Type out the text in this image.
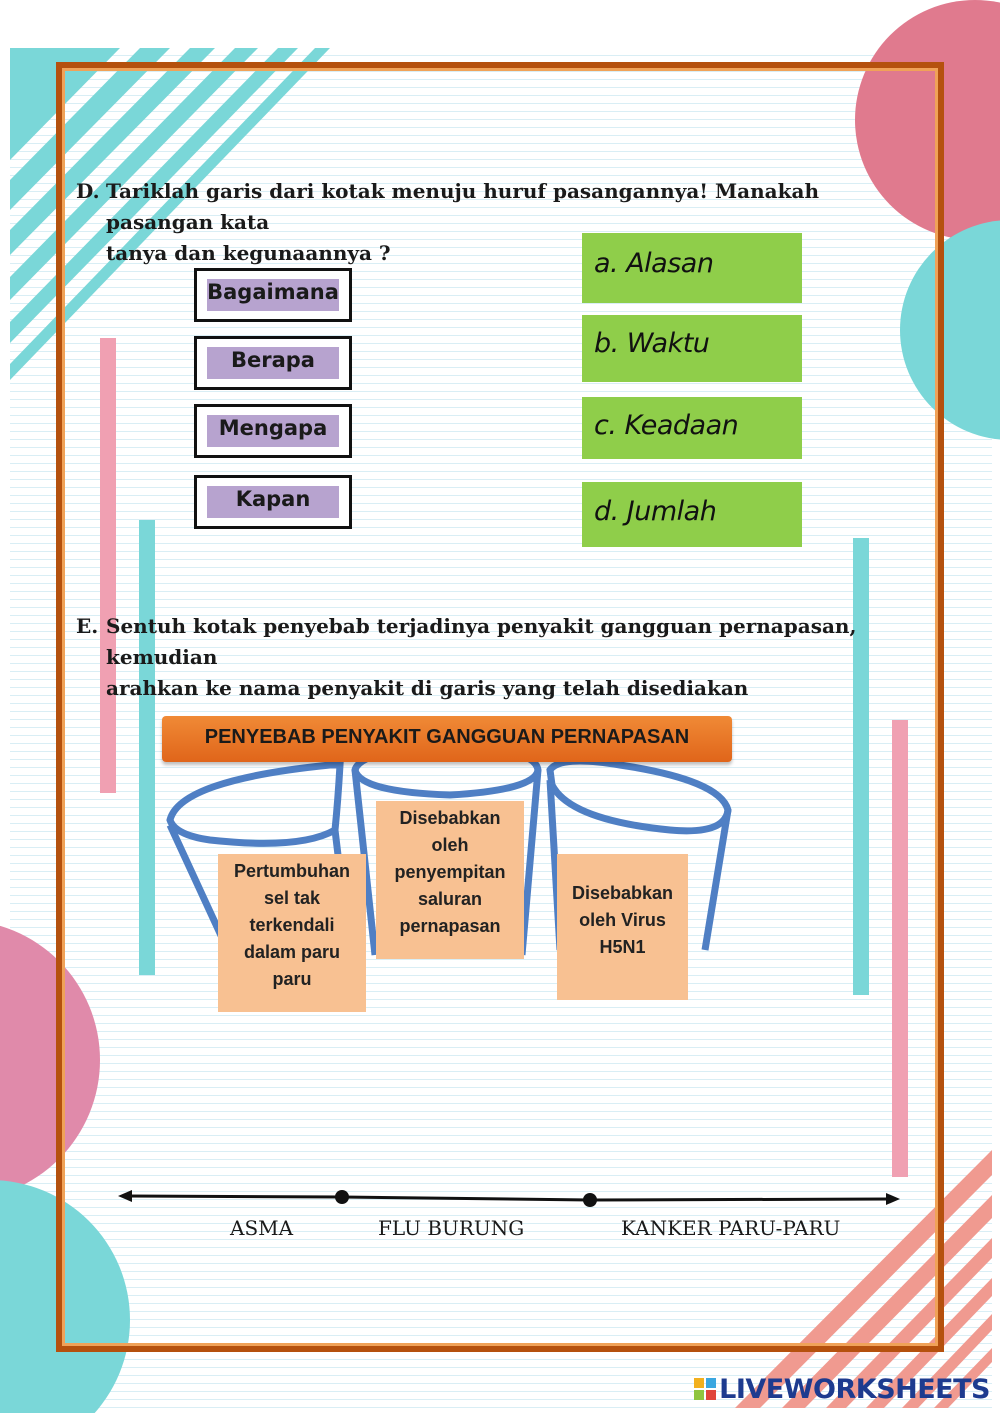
D. Tariklah garis dari kotak menuju huruf pasangannya! Manakah pasangan kata
tanya dan kegunaannya ?
Bagaimana
Berapa
Mengapa
Kapan
a. Alasan
b. Waktu
c. Keadaan
d. Jumlah
E. Sentuh kotak penyebab terjadinya penyakit gangguan pernapasan, kemudian
arahkan ke nama penyakit di garis yang telah disediakan
PENYEBAB PENYAKIT GANGGUAN PERNAPASAN
Pertumbuhan
sel tak
terkendali
dalam paru
paru
Disebabkan
oleh
penyempitan
saluran
pernapasan
Disebabkan
oleh Virus
H5N1
ASMA	FLU BURUNG	KANKER PARU-PARU
LIVEWORKSHEETS
